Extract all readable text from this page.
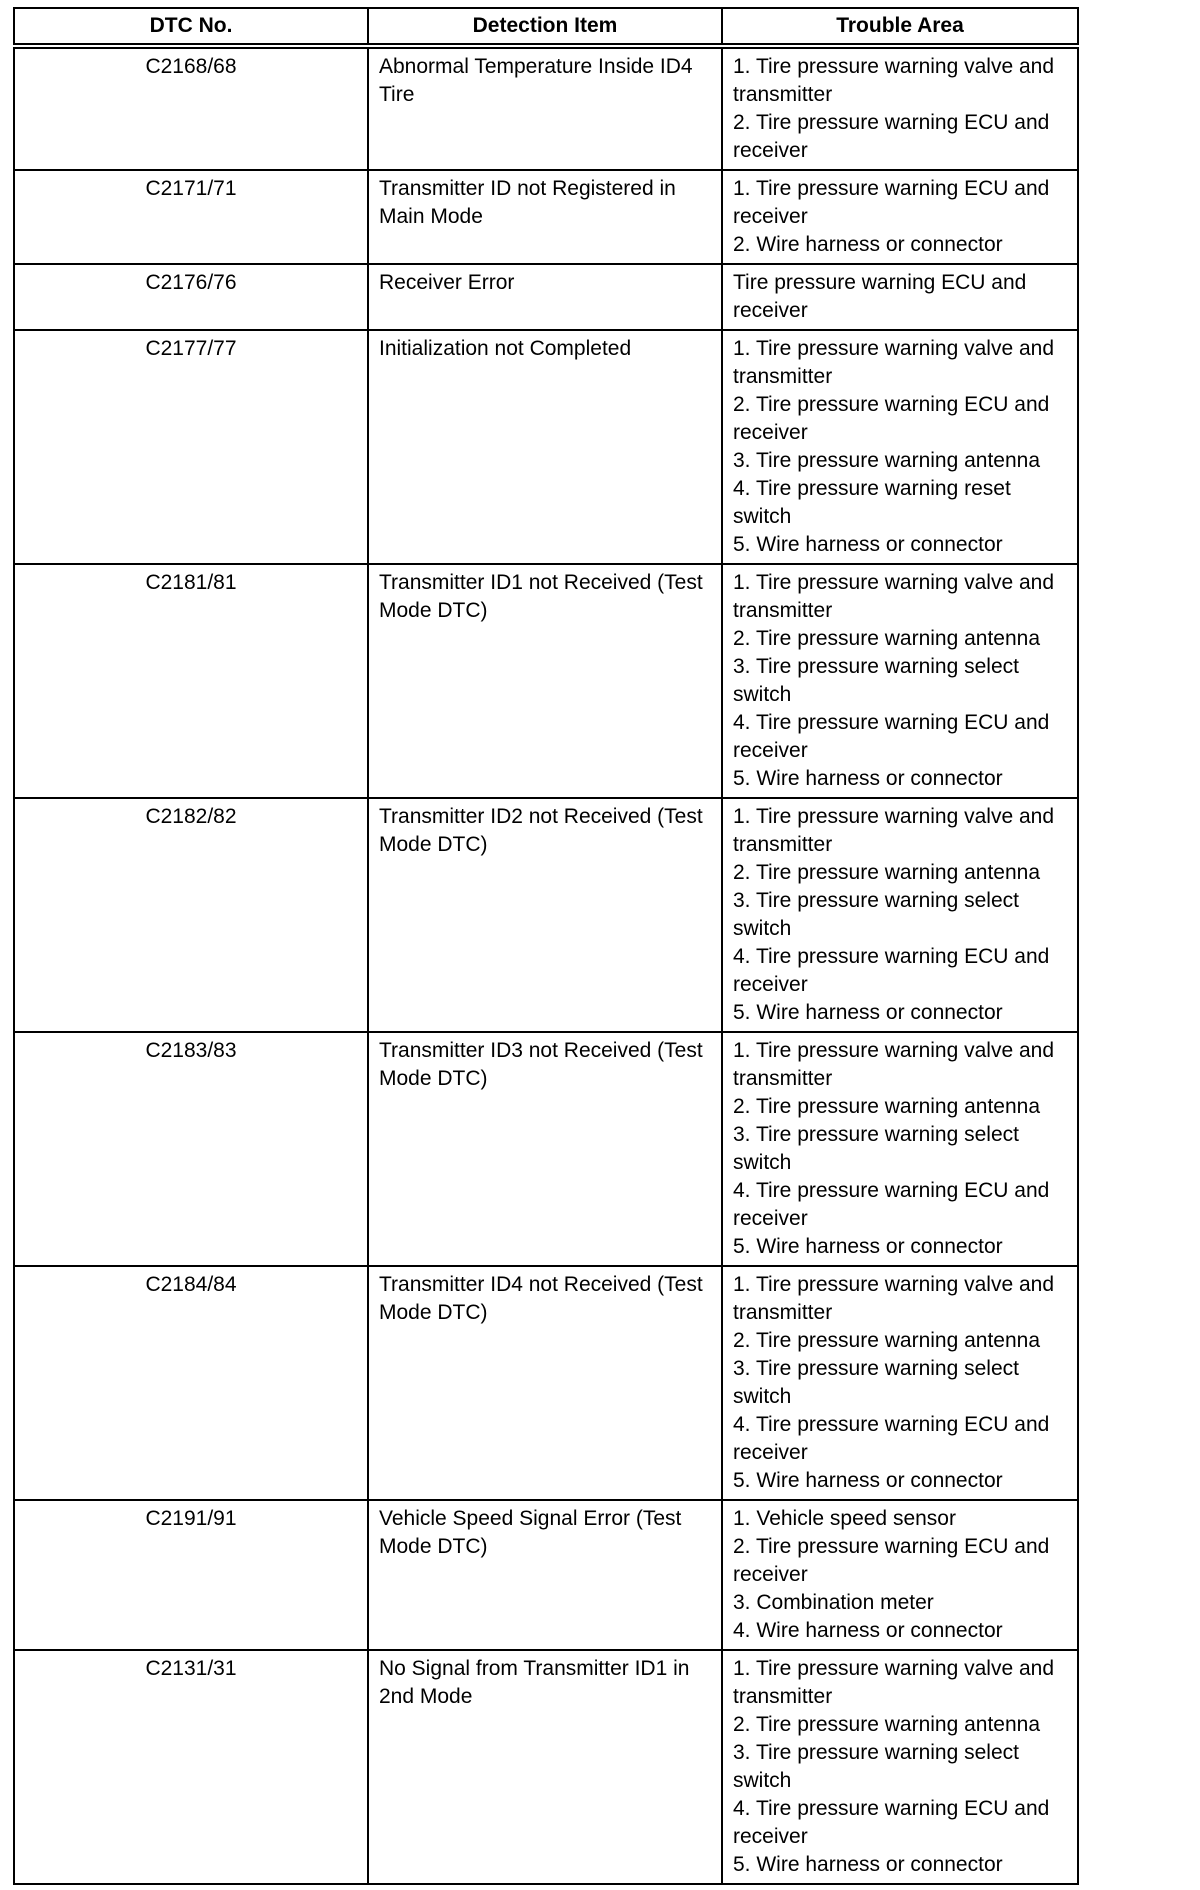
DTC No.	Detection Item	Trouble Area
C2168/68	Abnormal Temperature Inside ID4 Tire	1. Tire pressure warning valve and transmitter
2. Tire pressure warning ECU and receiver

C2171/71	Transmitter ID not Registered in Main Mode	1. Tire pressure warning ECU and receiver
2. Wire harness or connector

C2176/76	Receiver Error	Tire pressure warning ECU and receiver

C2177/77	Initialization not Completed	1. Tire pressure warning valve and transmitter
2. Tire pressure warning ECU and receiver
3. Tire pressure warning antenna
4. Tire pressure warning reset switch
5. Wire harness or connector

C2181/81	Transmitter ID1 not Received (Test Mode DTC)	1. Tire pressure warning valve and transmitter
2. Tire pressure warning antenna
3. Tire pressure warning select switch
4. Tire pressure warning ECU and receiver
5. Wire harness or connector

C2182/82	Transmitter ID2 not Received (Test Mode DTC)	1. Tire pressure warning valve and transmitter
2. Tire pressure warning antenna
3. Tire pressure warning select switch
4. Tire pressure warning ECU and receiver
5. Wire harness or connector

C2183/83	Transmitter ID3 not Received (Test Mode DTC)	1. Tire pressure warning valve and transmitter
2. Tire pressure warning antenna
3. Tire pressure warning select switch
4. Tire pressure warning ECU and receiver
5. Wire harness or connector

C2184/84	Transmitter ID4 not Received (Test Mode DTC)	1. Tire pressure warning valve and transmitter
2. Tire pressure warning antenna
3. Tire pressure warning select switch
4. Tire pressure warning ECU and receiver
5. Wire harness or connector

C2191/91	Vehicle Speed Signal Error (Test Mode DTC)	1. Vehicle speed sensor
2. Tire pressure warning ECU and receiver
3. Combination meter
4. Wire harness or connector

C2131/31	No Signal from Transmitter ID1 in 2nd Mode	1. Tire pressure warning valve and transmitter
2. Tire pressure warning antenna
3. Tire pressure warning select switch
4. Tire pressure warning ECU and receiver
5. Wire harness or connector
